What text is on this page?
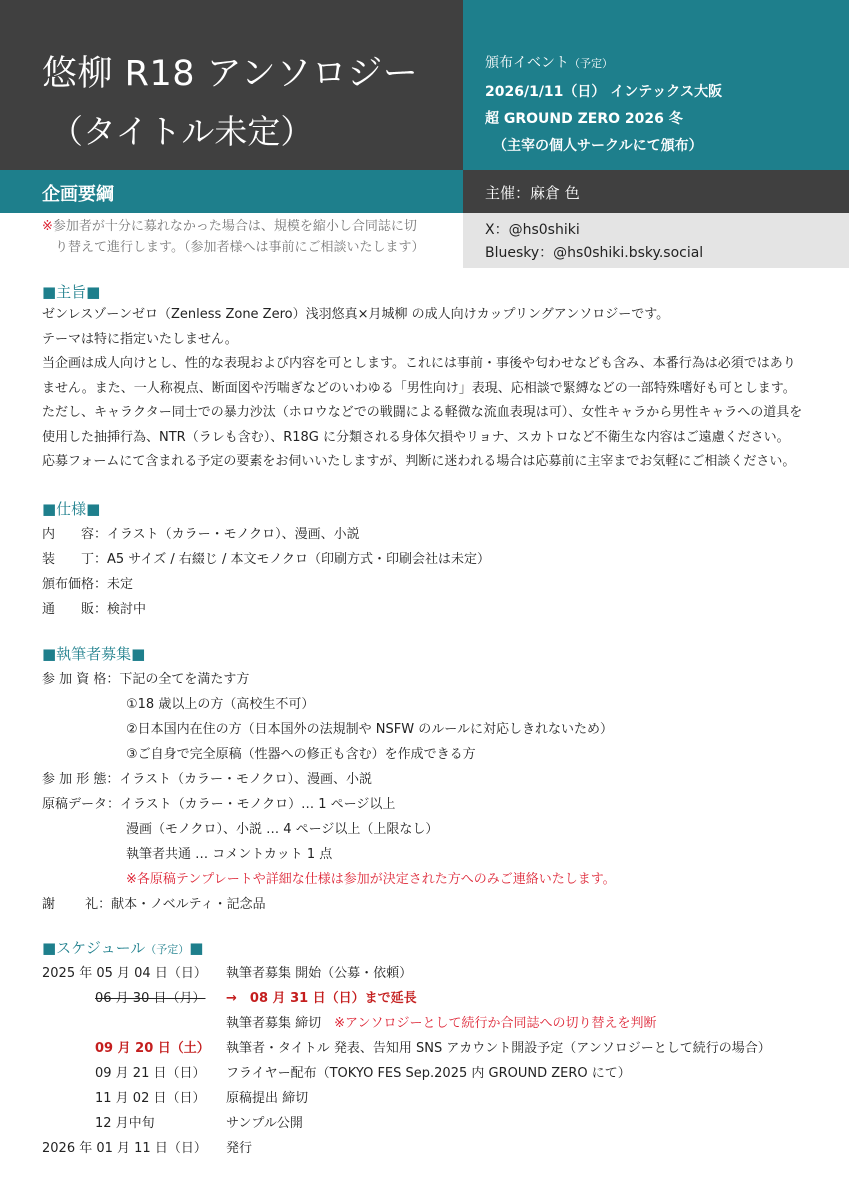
悠柳 R18 アンソロジー
（タイトル未定）
頒布イベント（予定）
2026/1/11（日） インテックス大阪
超 GROUND ZERO 2026 冬
（主宰の個人サークルにて頒布）
企画要綱	主催：麻倉 色
X：@hs0shiki
Bluesky：@hs0shiki.bsky.social
※参加者が十分に募れなかった場合は、規模を縮小し合同誌に切
り替えて進行します。（参加者様へは事前にご相談いたします）
■主旨■
ゼンレスゾーンゼロ（Zenless Zone Zero）浅羽悠真×月城柳 の成人向けカップリングアンソロジーです。
テーマは特に指定いたしません。
当企画は成人向けとし、性的な表現および内容を可とします。これには事前・事後や匂わせなども含み、本番行為は必須ではあり
ません。また、一人称視点、断面図や汚喘ぎなどのいわゆる「男性向け」表現、応相談で緊縛などの一部特殊嗜好も可とします。
ただし、キャラクター同士での暴力沙汰（ホロウなどでの戦闘による軽微な流血表現は可）、女性キャラから男性キャラへの道具を
使用した抽挿行為、NTR（ラレも含む）、R18G に分類される身体欠損やリョナ、スカトロなど不衛生な内容はご遠慮ください。
応募フォームにて含まれる予定の要素をお伺いいたしますが、判断に迷われる場合は応募前に主宰までお気軽にご相談ください。
■仕様■
内　　容：イラスト（カラー・モノクロ）、漫画、小説
装　　丁：A5 サイズ / 右綴じ / 本文モノクロ（印刷方式・印刷会社は未定）
頒布価格：未定
通　　販：検討中
■執筆者募集■
参 加 資 格：下記の全てを満たす方
①18 歳以上の方（高校生不可）
②日本国内在住の方（日本国外の法規制や NSFW のルールに対応しきれないため）
③ご自身で完全原稿（性器への修正も含む）を作成できる方
参 加 形 態：イラスト（カラー・モノクロ）、漫画、小説
原稿データ：イラスト（カラー・モノクロ）… 1 ページ以上
漫画（モノクロ）、小説 … 4 ページ以上（上限なし）
執筆者共通 … コメントカット 1 点
※各原稿テンプレートや詳細な仕様は参加が決定された方へのみご連絡いたします。
謝　　 礼：献本・ノベルティ・記念品
■スケジュール（予定）■
2025 年 05 月 04 日（日） 執筆者募集 開始（公募・依頼）
06 月 30 日（月） →　 08 月 31 日（日）まで延長
執筆者募集 締切　 ※アンソロジーとして続行か合同誌への切り替えを判断
09 月 20 日（土） 執筆者・タイトル 発表、告知用 SNS アカウント開設予定（アンソロジーとして続行の場合）
09 月 21 日（日） フライヤー配布（TOKYO FES Sep.2025 内 GROUND ZERO にて）
11 月 02 日（日） 原稿提出 締切
12 月中旬	サンプル公開
2026 年 01 月 11 日（日） 発行
